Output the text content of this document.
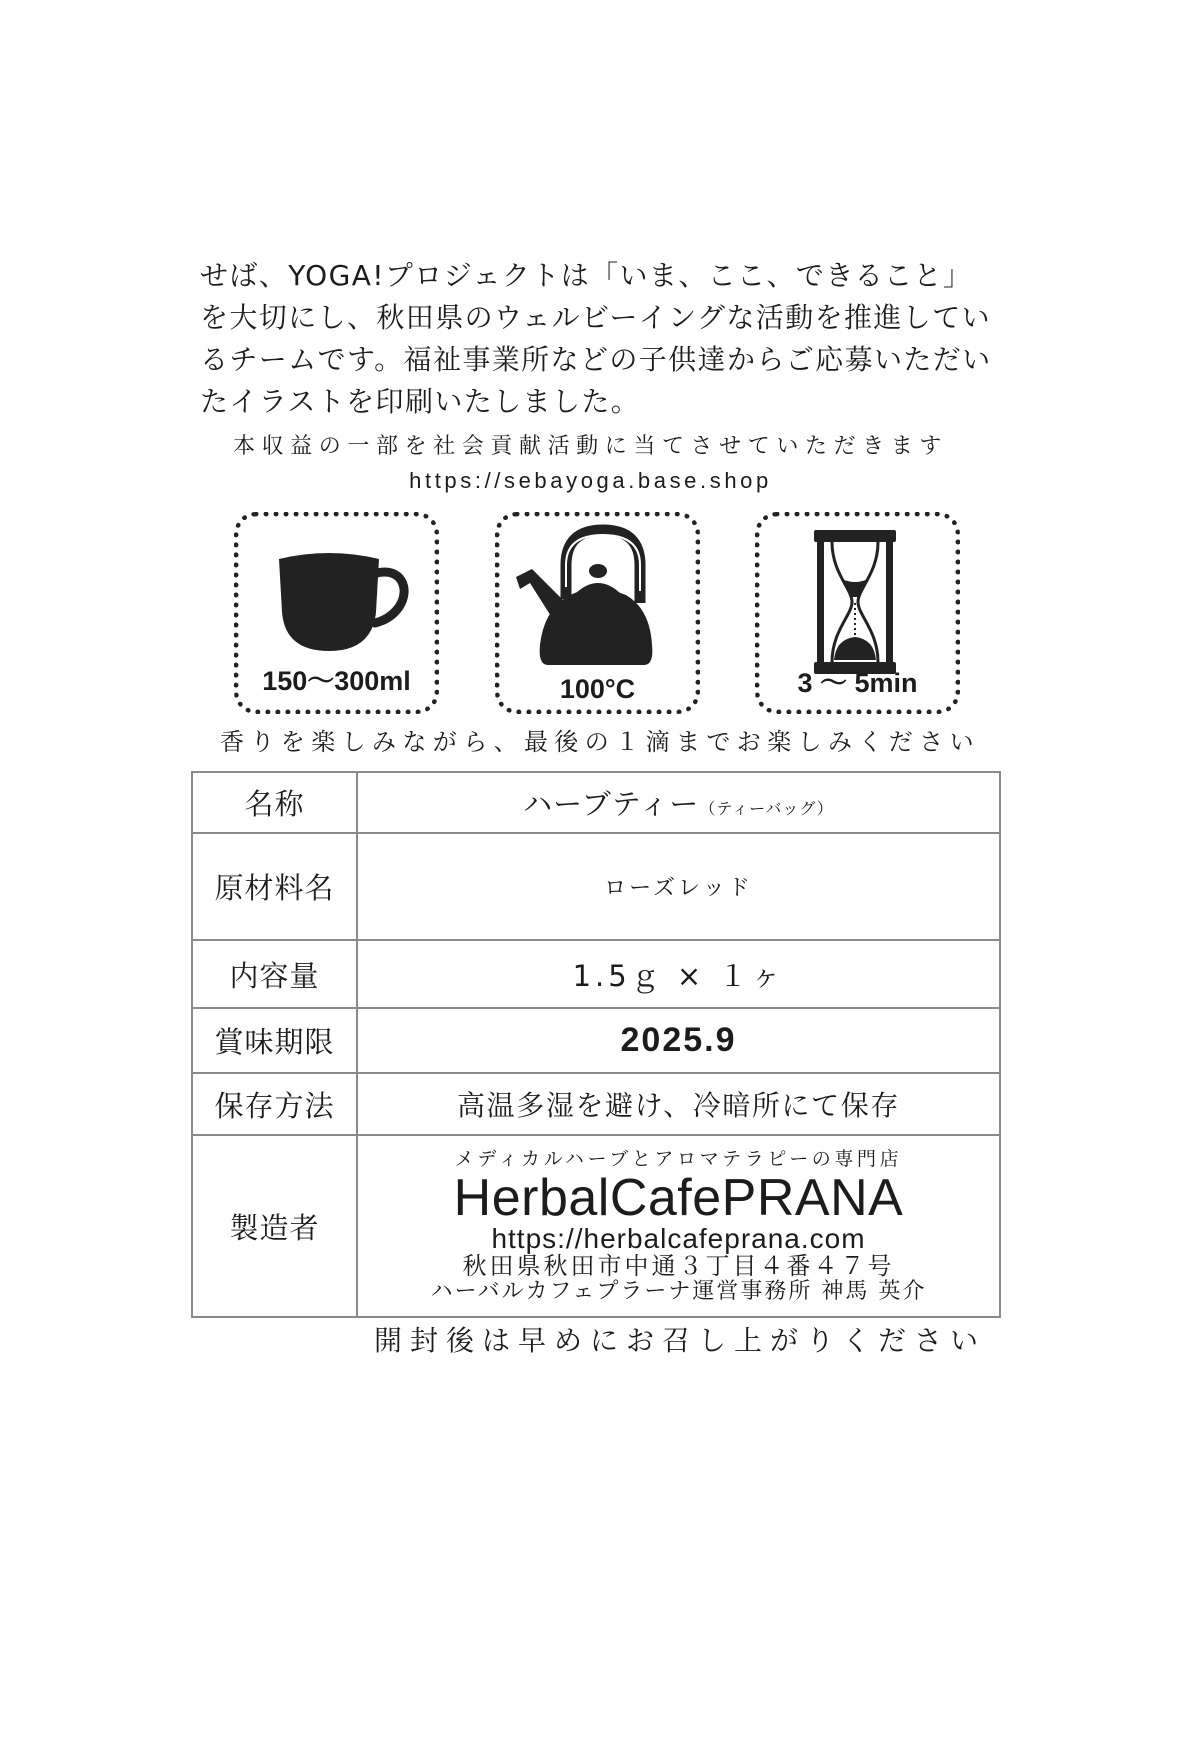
せば、YOGA!プロジェクトは「いま、ここ、できること」
を大切にし、秋田県のウェルビーイングな活動を推進してい
るチームです。福祉事業所などの子供達からご応募いただい
たイラストを印刷いたしました。
本収益の一部を社会貢献活動に当てさせていただきます
https://sebayoga.base.shop
150〜300ml	100°C	3 〜 5min
香りを楽しみながら、最後の１滴までお楽しみください
名称	ハーブティー（ティーバッグ）
原材料名	ローズレッド
内容量	1.5ｇ × １ヶ
賞味期限	2025.9
保存方法	高温多湿を避け、冷暗所にて保存
製造者	メディカルハーブとアロマテラピーの専門店
HerbalCafePRANA
https://herbalcafeprana.com
秋田県秋田市中通３丁目４番４７号
ハーバルカフェプラーナ運営事務所 神馬 英介
開封後は早めにお召し上がりください
